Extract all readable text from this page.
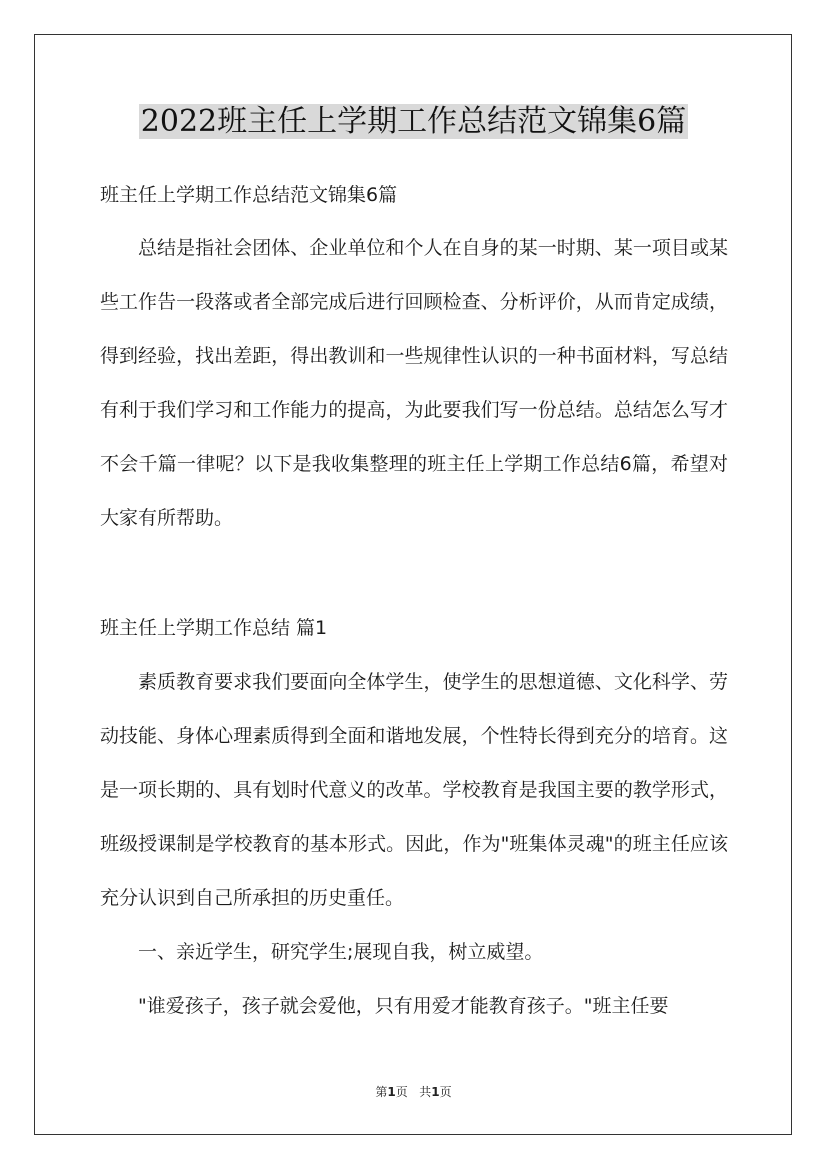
2022班主任上学期工作总结范文锦集6篇

班主任上学期工作总结范文锦集6篇

总结是指社会团体、企业单位和个人在自身的某一时期、某一项目或某些工作告一段落或者全部完成后进行回顾检查、分析评价，从而肯定成绩，得到经验，找出差距，得出教训和一些规律性认识的一种书面材料，写总结有利于我们学习和工作能力的提高，为此要我们写一份总结。总结怎么写才不会千篇一律呢？以下是我收集整理的班主任上学期工作总结6篇，希望对大家有所帮助。

班主任上学期工作总结 篇1

素质教育要求我们要面向全体学生，使学生的思想道德、文化科学、劳动技能、身体心理素质得到全面和谐地发展，个性特长得到充分的培育。这是一项长期的、具有划时代意义的改革。学校教育是我国主要的教学形式，班级授课制是学校教育的基本形式。因此，作为"班集体灵魂"的班主任应该充分认识到自己所承担的历史重任。

一、亲近学生，研究学生;展现自我，树立威望。

"谁爱孩子，孩子就会爱他，只有用爱才能教育孩子。"班主任要

第1页 共1页
